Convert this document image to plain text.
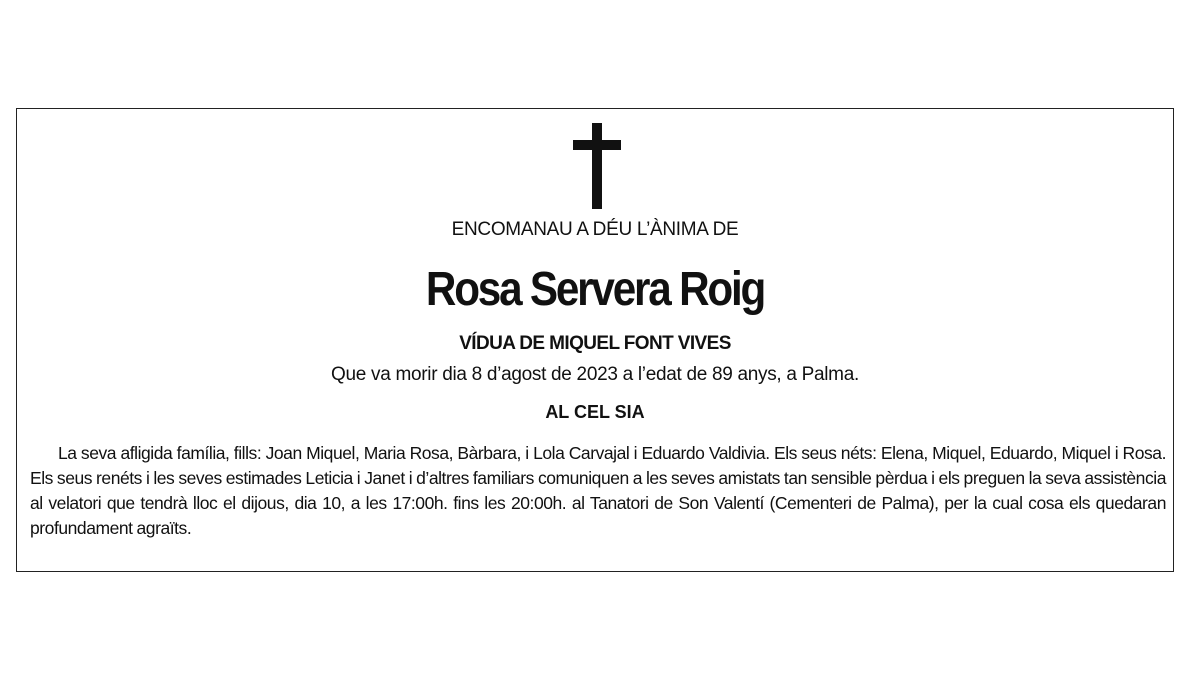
ENCOMANAU A DÉU L’ÀNIMA DE
Rosa Servera Roig
VÍDUA DE MIQUEL FONT VIVES
Que va morir dia 8 d’agost de 2023 a l’edat de 89 anys, a Palma.
AL CEL SIA

La seva afligida família, fills: Joan Miquel, Maria Rosa, Bàrbara, i Lola Carvajal i Eduardo Valdivia. Els seus néts: Elena, Miquel, Eduardo, Miquel i Rosa. Els seus renéts i les seves estimades Leticia i Janet i d’altres familiars comuniquen a les seves amistats tan sensible pèrdua i els preguen la seva assistència al velatori que tendrà lloc el dijous, dia 10, a les 17:00h. fins les 20:00h. al Tanatori de Son Valentí (Cementeri de Palma), per la cual cosa els quedaran profundament agraïts.
